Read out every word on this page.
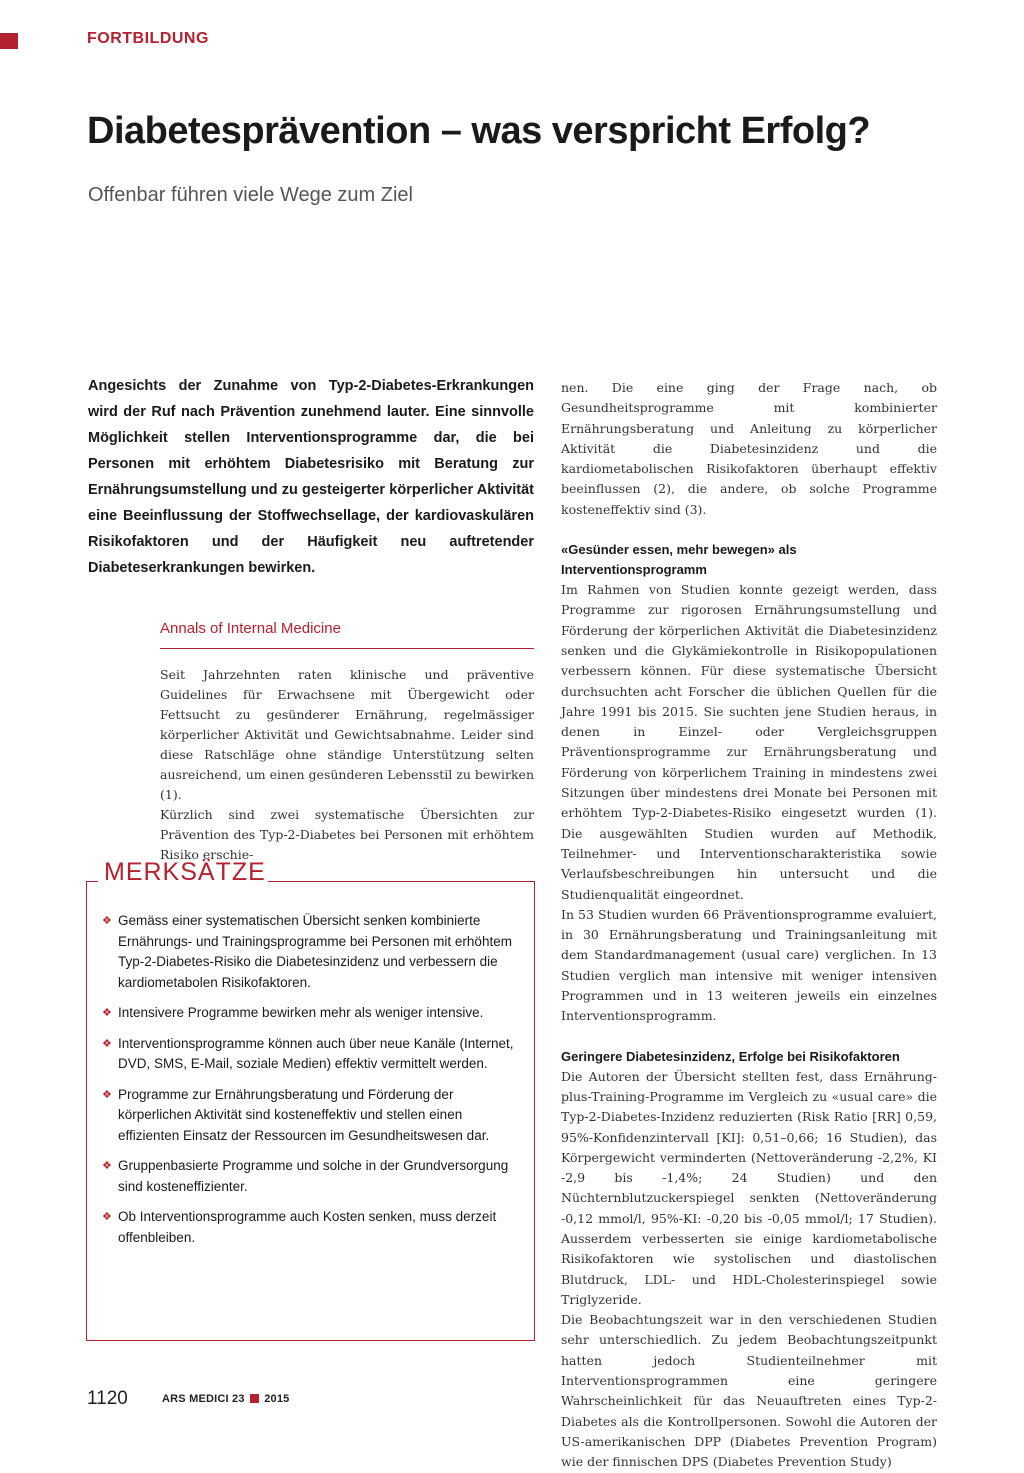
FORTBILDUNG
Diabetesprävention – was verspricht Erfolg?
Offenbar führen viele Wege zum Ziel

Angesichts der Zunahme von Typ-2-Diabetes-Erkrankungen wird der Ruf nach Prävention zunehmend lauter. Eine sinnvolle Möglichkeit stellen Interventionsprogramme dar, die bei Personen mit erhöhtem Diabetesrisiko mit Beratung zur Ernährungsumstellung und zu gesteigerter körperlicher Aktivität eine Beeinflussung der Stoffwechsellage, der kardiovaskulären Risikofaktoren und der Häufigkeit neu auftretender Diabeteserkrankungen bewirken.

Annals of Internal Medicine

Seit Jahrzehnten raten klinische und präventive Guidelines für Erwachsene mit Übergewicht oder Fettsucht zu gesünderer Ernährung, regelmässiger körperlicher Aktivität und Gewichtsabnahme. Leider sind diese Ratschläge ohne ständige Unterstützung selten ausreichend, um einen gesünderen Lebensstil zu bewirken (1).

Kürzlich sind zwei systematische Übersichten zur Prävention des Typ-2-Diabetes bei Personen mit erhöhtem Risiko erschie-

MERKSÄTZE
❖ Gemäss einer systematischen Übersicht senken kombinierte Ernährungs- und Trainingsprogramme bei Personen mit erhöhtem Typ-2-Diabetes-Risiko die Diabetesinzidenz und verbessern die kardiometabolen Risikofaktoren.
❖ Intensivere Programme bewirken mehr als weniger intensive.
❖ Interventionsprogramme können auch über neue Kanäle (Internet, DVD, SMS, E-Mail, soziale Medien) effektiv vermittelt werden.
❖ Programme zur Ernährungsberatung und Förderung der körperlichen Aktivität sind kosteneffektiv und stellen einen effizienten Einsatz der Ressourcen im Gesundheitswesen dar.
❖ Gruppenbasierte Programme und solche in der Grundversorgung sind kosteneffizienter.
❖ Ob Interventionsprogramme auch Kosten senken, muss derzeit offenbleiben.

nen. Die eine ging der Frage nach, ob Gesundheitsprogramme mit kombinierter Ernährungsberatung und Anleitung zu körperlicher Aktivität die Diabetesinzidenz und die kardiometabolischen Risikofaktoren überhaupt effektiv beeinflussen (2), die andere, ob solche Programme kosteneffektiv sind (3).

«Gesünder essen, mehr bewegen» als Interventionsprogramm

Im Rahmen von Studien konnte gezeigt werden, dass Programme zur rigorosen Ernährungsumstellung und Förderung der körperlichen Aktivität die Diabetesinzidenz senken und die Glykämiekontrolle in Risikopopulationen verbessern können. Für diese systematische Übersicht durchsuchten acht Forscher die üblichen Quellen für die Jahre 1991 bis 2015. Sie suchten jene Studien heraus, in denen in Einzel- oder Vergleichsgruppen Präventionsprogramme zur Ernährungsberatung und Förderung von körperlichem Training in mindestens zwei Sitzungen über mindestens drei Monate bei Personen mit erhöhtem Typ-2-Diabetes-Risiko eingesetzt wurden (1). Die ausgewählten Studien wurden auf Methodik, Teilnehmer- und Interventionscharakteristika sowie Verlaufsbeschreibungen hin untersucht und die Studienqualität eingeordnet.

In 53 Studien wurden 66 Präventionsprogramme evaluiert, in 30 Ernährungsberatung und Trainingsanleitung mit dem Standardmanagement (usual care) verglichen. In 13 Studien verglich man intensive mit weniger intensiven Programmen und in 13 weiteren jeweils ein einzelnes Interventionsprogramm.

Geringere Diabetesinzidenz, Erfolge bei Risikofaktoren

Die Autoren der Übersicht stellten fest, dass Ernährung-plus-Training-Programme im Vergleich zu «usual care» die Typ-2-Diabetes-Inzidenz reduzierten (Risk Ratio [RR] 0,59, 95%-Konfidenzintervall [KI]: 0,51–0,66; 16 Studien), das Körpergewicht verminderten (Nettoveränderung -2,2%, KI -2,9 bis -1,4%; 24 Studien) und den Nüchternblutzuckerspiegel senkten (Nettoveränderung -0,12 mmol/l, 95%-KI: -0,20 bis -0,05 mmol/l; 17 Studien). Ausserdem verbesserten sie einige kardiometabolische Risikofaktoren wie systolischen und diastolischen Blutdruck, LDL- und HDL-Cholesterinspiegel sowie Triglyzeride.

Die Beobachtungszeit war in den verschiedenen Studien sehr unterschiedlich. Zu jedem Beobachtungszeitpunkt hatten jedoch Studienteilnehmer mit Interventionsprogrammen eine geringere Wahrscheinlichkeit für das Neuauftreten eines Typ-2-Diabetes als die Kontrollpersonen. Sowohl die Autoren der US-amerikanischen DPP (Diabetes Prevention Program) wie der finnischen DPS (Diabetes Prevention Study)

1120	ARS MEDICI 23 2015
